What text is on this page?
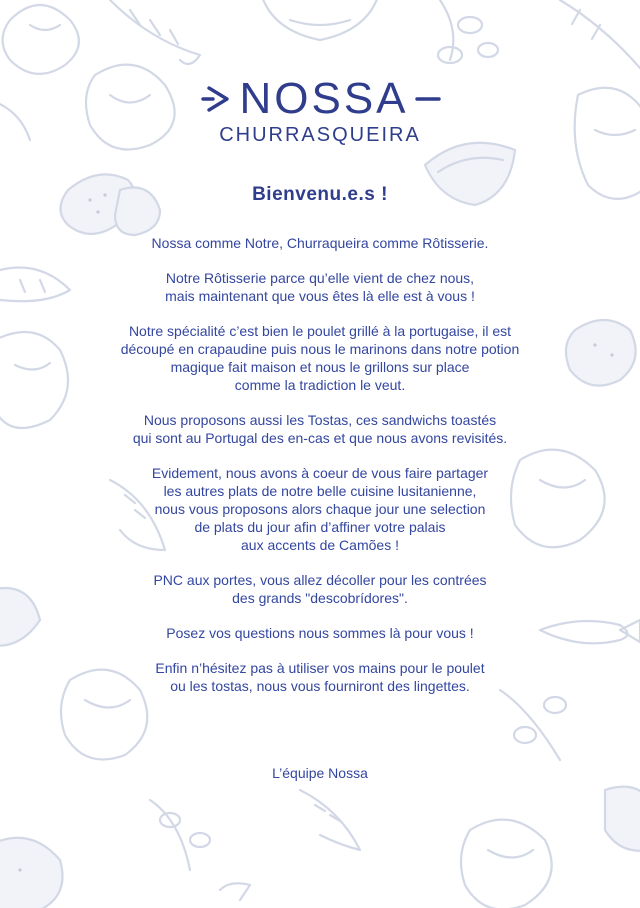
NOSSA
CHURRASQUEIRA
Bienvenu.e.s !

Nossa comme Notre, Churraqueira comme Rôtisserie.

Notre Rôtisserie parce qu’elle vient de chez nous,
mais maintenant que vous êtes là elle est à vous !

Notre spécialité c’est bien le poulet grillé à la portugaise, il est
découpé en crapaudine puis nous le marinons dans notre potion
magique fait maison et nous le grillons sur place
comme la tradiction le veut.

Nous proposons aussi les Tostas, ces sandwichs toastés
qui sont au Portugal des en-cas et que nous avons revisités.

Evidement, nous avons à coeur de vous faire partager
les autres plats de notre belle cuisine lusitanienne,
nous vous proposons alors chaque jour une selection
de plats du jour afin d’affiner votre palais
aux accents de Camões !

PNC aux portes, vous allez décoller pour les contrées
des grands "descobrídores".

Posez vos questions nous sommes là pour vous !

Enfin n’hésitez pas à utiliser vos mains pour le poulet
ou les tostas, nous vous fourniront des lingettes.

L’équipe Nossa
